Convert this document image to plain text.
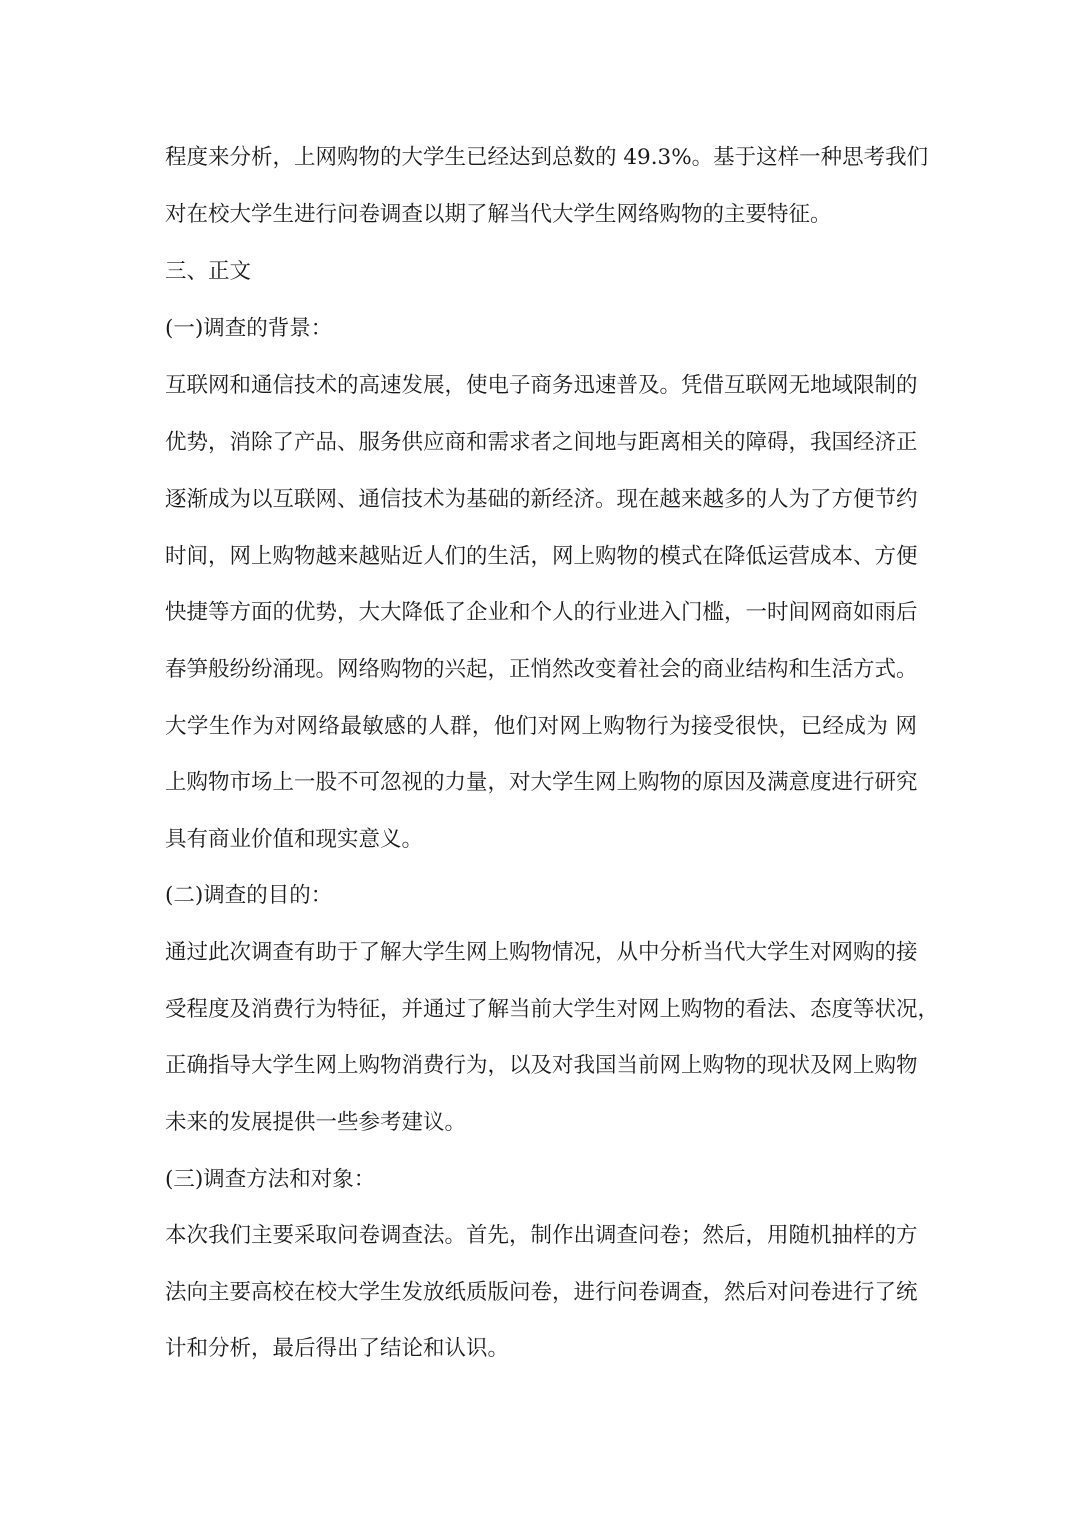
程度来分析，上网购物的大学生已经达到总数的 49.3%。基于这样一种思考我们
对在校大学生进行问卷调查以期了解当代大学生网络购物的主要特征。
三、正文
(一)调查的背景：
互联网和通信技术的高速发展，使电子商务迅速普及。凭借互联网无地域限制的
优势，消除了产品、服务供应商和需求者之间地与距离相关的障碍，我国经济正
逐渐成为以互联网、通信技术为基础的新经济。现在越来越多的人为了方便节约
时间，网上购物越来越贴近人们的生活，网上购物的模式在降低运营成本、方便
快捷等方面的优势，大大降低了企业和个人的行业进入门槛，一时间网商如雨后
春笋般纷纷涌现。网络购物的兴起，正悄然改变着社会的商业结构和生活方式。
大学生作为对网络最敏感的人群，他们对网上购物行为接受很快，已经成为 网
上购物市场上一股不可忽视的力量，对大学生网上购物的原因及满意度进行研究
具有商业价值和现实意义。
(二)调查的目的：
通过此次调查有助于了解大学生网上购物情况，从中分析当代大学生对网购的接
受程度及消费行为特征，并通过了解当前大学生对网上购物的看法、态度等状况，
正确指导大学生网上购物消费行为，以及对我国当前网上购物的现状及网上购物
未来的发展提供一些参考建议。
(三)调查方法和对象：
本次我们主要采取问卷调查法。首先，制作出调查问卷；然后，用随机抽样的方
法向主要高校在校大学生发放纸质版问卷，进行问卷调查，然后对问卷进行了统
计和分析，最后得出了结论和认识。
